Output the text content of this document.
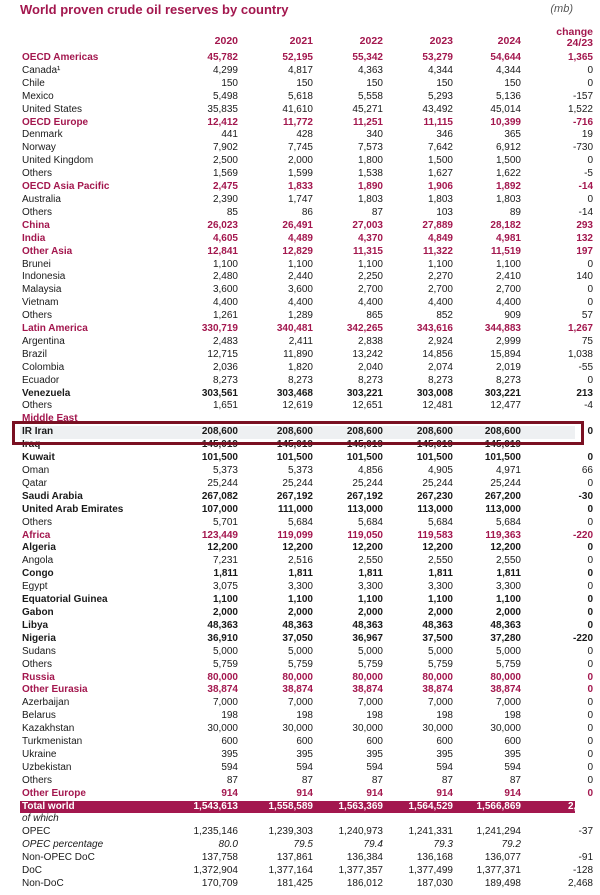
World proven crude oil reserves by country	(mb)
2020	2021	2022	2023	2024
change
24/23
OECD Americas	45,782	52,195	55,342	53,279	54,644	1,365
Canada¹	4,299	4,817	4,363	4,344	4,344	0
Chile	150	150	150	150	150	0
Mexico	5,498	5,618	5,558	5,293	5,136	-157
United States	35,835	41,610	45,271	43,492	45,014	1,522
OECD Europe	12,412	11,772	11,251	11,115	10,399	-716
Denmark	441	428	340	346	365	19
Norway	7,902	7,745	7,573	7,642	6,912	-730
United Kingdom	2,500	2,000	1,800	1,500	1,500	0
Others	1,569	1,599	1,538	1,627	1,622	-5
OECD Asia Pacific	2,475	1,833	1,890	1,906	1,892	-14
Australia	2,390	1,747	1,803	1,803	1,803	0
Others	85	86	87	103	89	-14
China	26,023	26,491	27,003	27,889	28,182	293
India	4,605	4,489	4,370	4,849	4,981	132
Other Asia	12,841	12,829	11,315	11,322	11,519	197
Brunei	1,100	1,100	1,100	1,100	1,100	0
Indonesia	2,480	2,440	2,250	2,270	2,410	140
Malaysia	3,600	3,600	2,700	2,700	2,700	0
Vietnam	4,400	4,400	4,400	4,400	4,400	0
Others	1,261	1,289	865	852	909	57
Latin America	330,719	340,481	342,265	343,616	344,883	1,267
Argentina	2,483	2,411	2,838	2,924	2,999	75
Brazil	12,715	11,890	13,242	14,856	15,894	1,038
Colombia	2,036	1,820	2,040	2,074	2,019	-55
Ecuador	8,273	8,273	8,273	8,273	8,273	0
Venezuela	303,561	303,468	303,221	303,008	303,221	213
Others	1,651	12,619	12,651	12,481	12,477	-4
Middle East
IR Iran	208,600	208,600	208,600	208,600	208,600	0
Iraq	145,019	145,019	145,019	145,019	145,019
Kuwait	101,500	101,500	101,500	101,500	101,500	0
Oman	5,373	5,373	4,856	4,905	4,971	66
Qatar	25,244	25,244	25,244	25,244	25,244	0
Saudi Arabia	267,082	267,192	267,192	267,230	267,200	-30
United Arab Emirates	107,000	111,000	113,000	113,000	113,000	0
Others	5,701	5,684	5,684	5,684	5,684	0
Africa	123,449	119,099	119,050	119,583	119,363	-220
Algeria	12,200	12,200	12,200	12,200	12,200	0
Angola	7,231	2,516	2,550	2,550	2,550	0
Congo	1,811	1,811	1,811	1,811	1,811	0
Egypt	3,075	3,300	3,300	3,300	3,300	0
Equatorial Guinea	1,100	1,100	1,100	1,100	1,100	0
Gabon	2,000	2,000	2,000	2,000	2,000	0
Libya	48,363	48,363	48,363	48,363	48,363	0
Nigeria	36,910	37,050	36,967	37,500	37,280	-220
Sudans	5,000	5,000	5,000	5,000	5,000	0
Others	5,759	5,759	5,759	5,759	5,759	0
Russia	80,000	80,000	80,000	80,000	80,000	0
Other Eurasia	38,874	38,874	38,874	38,874	38,874	0
Azerbaijan	7,000	7,000	7,000	7,000	7,000	0
Belarus	198	198	198	198	198	0
Kazakhstan	30,000	30,000	30,000	30,000	30,000	0
Turkmenistan	600	600	600	600	600	0
Ukraine	395	395	395	395	395	0
Uzbekistan	594	594	594	594	594	0
Others	87	87	87	87	87	0
Other Europe	914	914	914	914	914	0
Total world	1,543,613	1,558,589	1,563,369	1,564,529	1,566,869	2,340
of which
OPEC	1,235,146	1,239,303	1,240,973	1,241,331	1,241,294	-37
OPEC percentage	80.0	79.5	79.4	79.3	79.2
Non-OPEC DoC	137,758	137,861	136,384	136,168	136,077	-91
DoC	1,372,904	1,377,164	1,377,357	1,377,499	1,377,371	-128
Non-DoC	170,709	181,425	186,012	187,030	189,498	2,468
